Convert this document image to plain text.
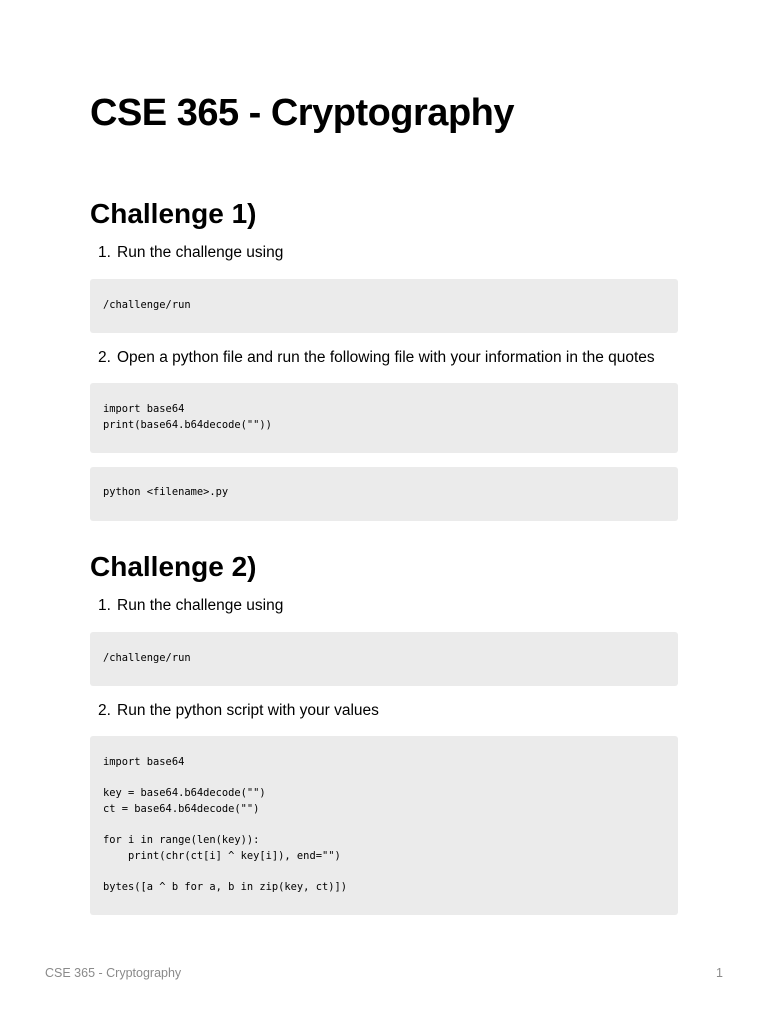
CSE 365 - Cryptography
Challenge 1)

1. Run the challenge using

/challenge/run

2. Open a python file and run the following file with your information in the quotes

import base64
print(base64.b64decode(""))
python <filename>.py
Challenge 2)

1. Run the challenge using

/challenge/run

2. Run the python script with your values

import base64

key = base64.b64decode("")
ct = base64.b64decode("")

for i in range(len(key)):
print(chr(ct[i] ^ key[i]), end="")

bytes([a ^ b for a, b in zip(key, ct)])
CSE 365 - Cryptography	1
